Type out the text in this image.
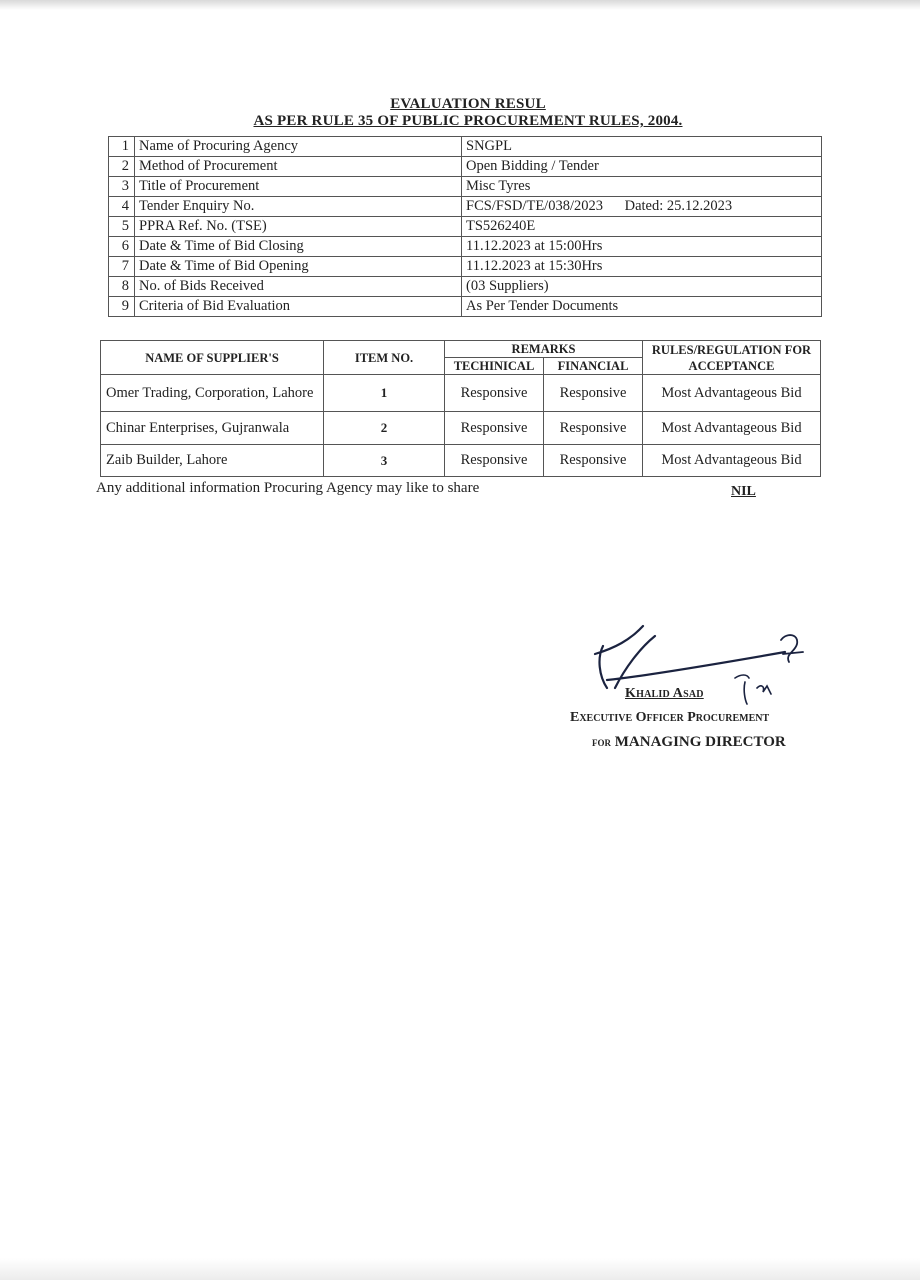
EVALUATION RESUL
AS PER RULE 35 OF PUBLIC PROCUREMENT RULES, 2004.
1	Name of Procuring Agency	SNGPL
2	Method of Procurement	Open Bidding / Tender
3	Title of Procurement	Misc Tyres
4	Tender Enquiry No.	FCS/FSD/TE/038/2023 Dated: 25.12.2023
5	PPRA Ref. No. (TSE)	TS526240E
6	Date & Time of Bid Closing	11.12.2023 at 15:00Hrs
7	Date & Time of Bid Opening	11.12.2023 at 15:30Hrs
8	No. of Bids Received	(03 Suppliers)
9	Criteria of Bid Evaluation	As Per Tender Documents
NAME OF SUPPLIER'S	ITEM NO.	REMARKS		RULES/REGULATION FOR ACCEPTANCE
		TECHINICAL	FINANCIAL	
Omer Trading, Corporation, Lahore	1	Responsive	Responsive	Most Advantageous Bid
Chinar Enterprises, Gujranwala	2	Responsive	Responsive	Most Advantageous Bid
Zaib Builder, Lahore	3	Responsive	Responsive	Most Advantageous Bid
Any additional information Procuring Agency may like to share	NIL
Khalid Asad
Executive Officer Procurement
for MANAGING DIRECTOR
